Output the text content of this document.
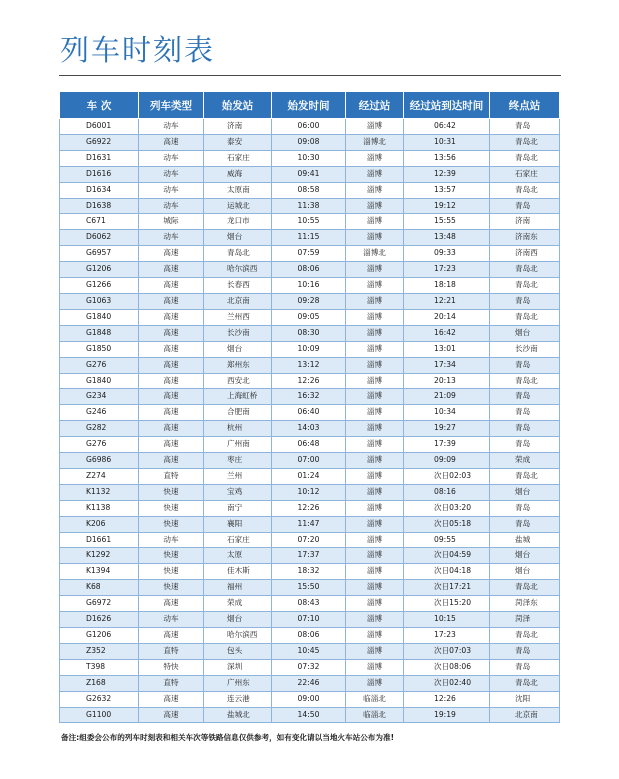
列车时刻表
车 次	列车类型	始发站	始发时间	经过站	经过站到达时间	终点站
D6001	动车	济南	06:00	淄博	06:42	青岛
G6922	高速	泰安	09:08	淄博北	10:31	青岛北
D1631	动车	石家庄	10:30	淄博	13:56	青岛北
D1616	动车	威海	09:41	淄博	12:39	石家庄
D1634	动车	太原南	08:58	淄博	13:57	青岛北
D1638	动车	运城北	11:38	淄博	19:12	青岛
C671	城际	龙口市	10:55	淄博	15:55	济南
D6062	动车	烟台	11:15	淄博	13:48	济南东
G6957	高速	青岛北	07:59	淄博北	09:33	济南西
G1206	高速	哈尔滨西	08:06	淄博	17:23	青岛北
G1266	高速	长春西	10:16	淄博	18:18	青岛北
G1063	高速	北京南	09:28	淄博	12:21	青岛
G1840	高速	兰州西	09:05	淄博	20:14	青岛北
G1848	高速	长沙南	08:30	淄博	16:42	烟台
G1850	高速	烟台	10:09	淄博	13:01	长沙南
G276	高速	郑州东	13:12	淄博	17:34	青岛
G1840	高速	西安北	12:26	淄博	20:13	青岛北
G234	高速	上海虹桥	16:32	淄博	21:09	青岛
G246	高速	合肥南	06:40	淄博	10:34	青岛
G282	高速	杭州	14:03	淄博	19:27	青岛
G276	高速	广州南	06:48	淄博	17:39	青岛
G6986	高速	枣庄	07:00	淄博	09:09	荣成
Z274	直特	兰州	01:24	淄博	次日02:03	青岛北
K1132	快速	宝鸡	10:12	淄博	08:16	烟台
K1138	快速	南宁	12:26	淄博	次日03:20	青岛
K206	快速	襄阳	11:47	淄博	次日05:18	青岛
D1661	动车	石家庄	07:20	淄博	09:55	盐城
K1292	快速	太原	17:37	淄博	次日04:59	烟台
K1394	快速	佳木斯	18:32	淄博	次日04:18	烟台
K68	快速	福州	15:50	淄博	次日17:21	青岛北
G6972	高速	荣成	08:43	淄博	次日15:20	菏泽东
D1626	动车	烟台	07:10	淄博	10:15	菏泽
G1206	高速	哈尔滨西	08:06	淄博	17:23	青岛北
Z352	直特	包头	10:45	淄博	次日07:03	青岛
T398	特快	深圳	07:32	淄博	次日08:06	青岛
Z168	直特	广州东	22:46	淄博	次日02:40	青岛北
G2632	高速	连云港	09:00	临淄北	12:26	沈阳
G1100	高速	盐城北	14:50	临淄北	19:19	北京南

备注:组委会公布的列车时刻表和相关车次等铁路信息仅供参考，如有变化请以当地火车站公布为准!
